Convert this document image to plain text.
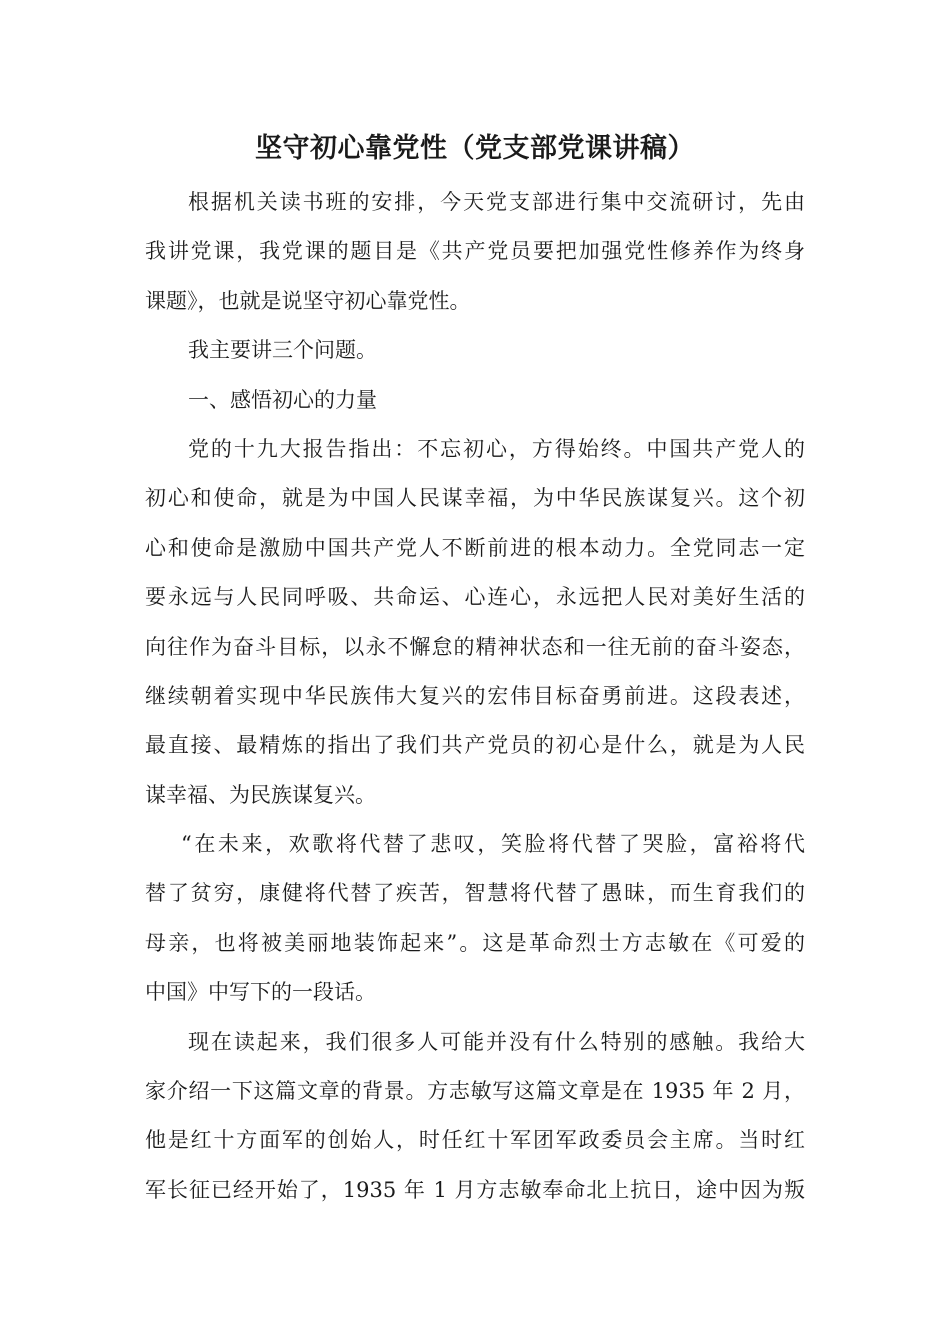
坚守初心靠党性（党支部党课讲稿）
根据机关读书班的安排，今天党支部进行集中交流研讨，先由
我讲党课，我党课的题目是《共产党员要把加强党性修养作为终身
课题》，也就是说坚守初心靠党性。
我主要讲三个问题。
一、感悟初心的力量
党的十九大报告指出：不忘初心，方得始终。中国共产党人的
初心和使命，就是为中国人民谋幸福，为中华民族谋复兴。这个初
心和使命是激励中国共产党人不断前进的根本动力。全党同志一定
要永远与人民同呼吸、共命运、心连心，永远把人民对美好生活的
向往作为奋斗目标，以永不懈怠的精神状态和一往无前的奋斗姿态，
继续朝着实现中华民族伟大复兴的宏伟目标奋勇前进。这段表述，
最直接、最精炼的指出了我们共产党员的初心是什么，就是为人民
谋幸福、为民族谋复兴。
“在未来，欢歌将代替了悲叹，笑脸将代替了哭脸，富裕将代
替了贫穷，康健将代替了疾苦，智慧将代替了愚昧，而生育我们的
母亲，也将被美丽地装饰起来”。这是革命烈士方志敏在《可爱的
中国》中写下的一段话。
现在读起来，我们很多人可能并没有什么特别的感触。我给大
家介绍一下这篇文章的背景。方志敏写这篇文章是在 1935 年 2 月，
他是红十方面军的创始人，时任红十军团军政委员会主席。当时红
军长征已经开始了，1935 年 1 月方志敏奉命北上抗日，途中因为叛
